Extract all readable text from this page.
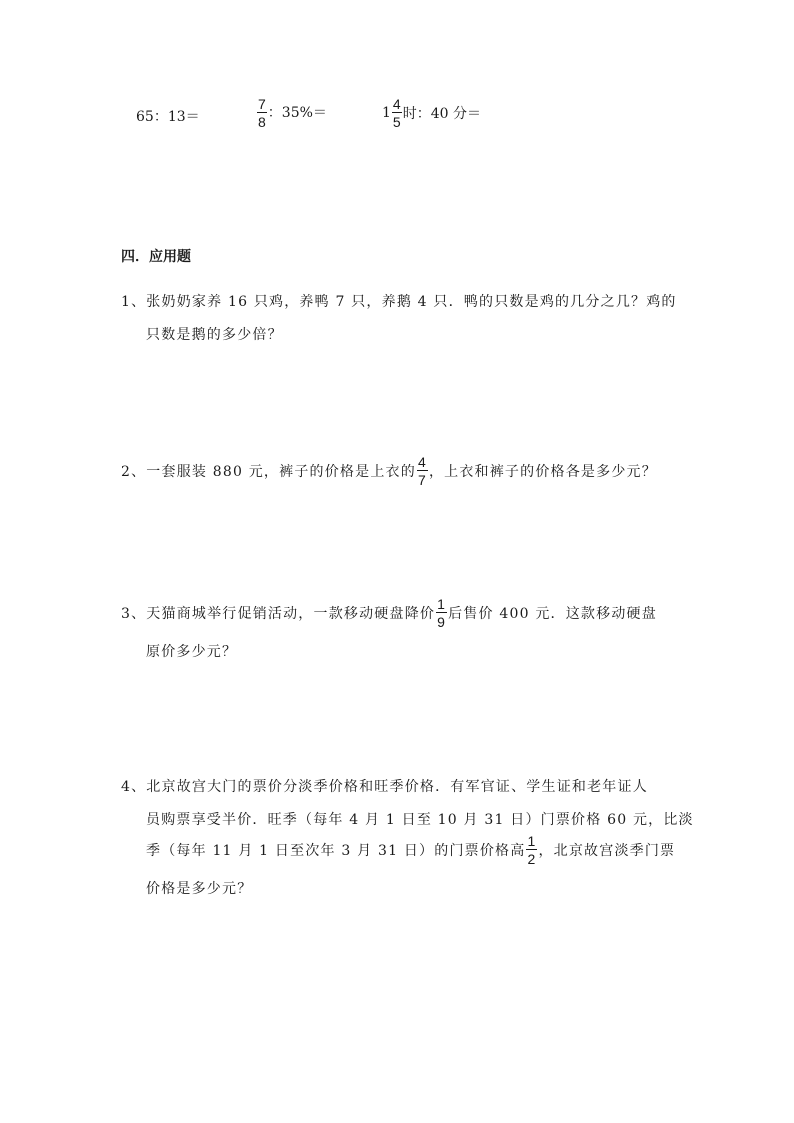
65：13＝	$\frac{7}{8}$ ：35%＝	$1 \frac{4}{5}$ 时：40 分＝
四．应用题
1、张奶奶家养 16 只鸡，养鸭 7 只，养鹅 4 只．鸭的只数是鸡的几分之几？鸡的
只数是鹅的多少倍？
2、一套服装 880 元，裤子的价格是上衣的 $\frac{4}{7}$ ，上衣和裤子的价格各是多少元？
3、天猫商城举行促销活动，一款移动硬盘降价 $\frac{1}{9}$ 后售价 400 元．这款移动硬盘
原价多少元？
4、北京故宫大门的票价分淡季价格和旺季价格．有军官证、学生证和老年证人
员购票享受半价．旺季（每年 4 月 1 日至 10 月 31 日）门票价格 60 元，比淡
季（每年 11 月 1 日至次年 3 月 31 日）的门票价格高 $\frac{1}{2}$ ，北京故宫淡季门票
价格是多少元？
